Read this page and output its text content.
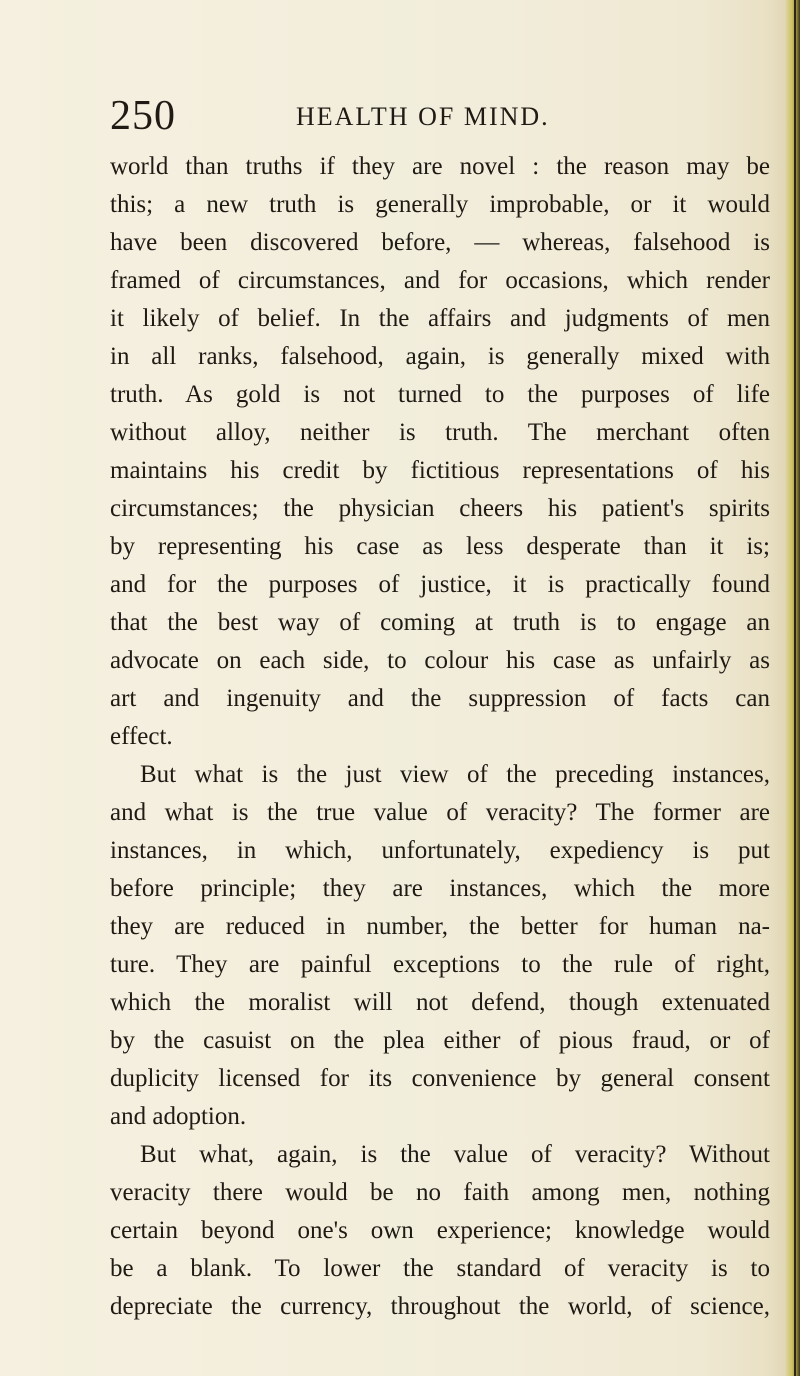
250	HEALTH OF MIND.
world than truths if they are novel : the reason may be
this; a new truth is generally improbable, or it would
have been discovered before, — whereas, falsehood is
framed of circumstances, and for occasions, which render
it likely of belief. In the affairs and judgments of men
in all ranks, falsehood, again, is generally mixed with
truth. As gold is not turned to the purposes of life
without alloy, neither is truth. The merchant often
maintains his credit by fictitious representations of his
circumstances; the physician cheers his patient's spirits
by representing his case as less desperate than it is;
and for the purposes of justice, it is practically found
that the best way of coming at truth is to engage an
advocate on each side, to colour his case as unfairly as
art and ingenuity and the suppression of facts can
effect.
But what is the just view of the preceding instances,
and what is the true value of veracity? The former are
instances, in which, unfortunately, expediency is put
before principle; they are instances, which the more
they are reduced in number, the better for human na-
ture. They are painful exceptions to the rule of right,
which the moralist will not defend, though extenuated
by the casuist on the plea either of pious fraud, or of
duplicity licensed for its convenience by general consent
and adoption.
But what, again, is the value of veracity? Without
veracity there would be no faith among men, nothing
certain beyond one's own experience; knowledge would
be a blank. To lower the standard of veracity is to
depreciate the currency, throughout the world, of science,
